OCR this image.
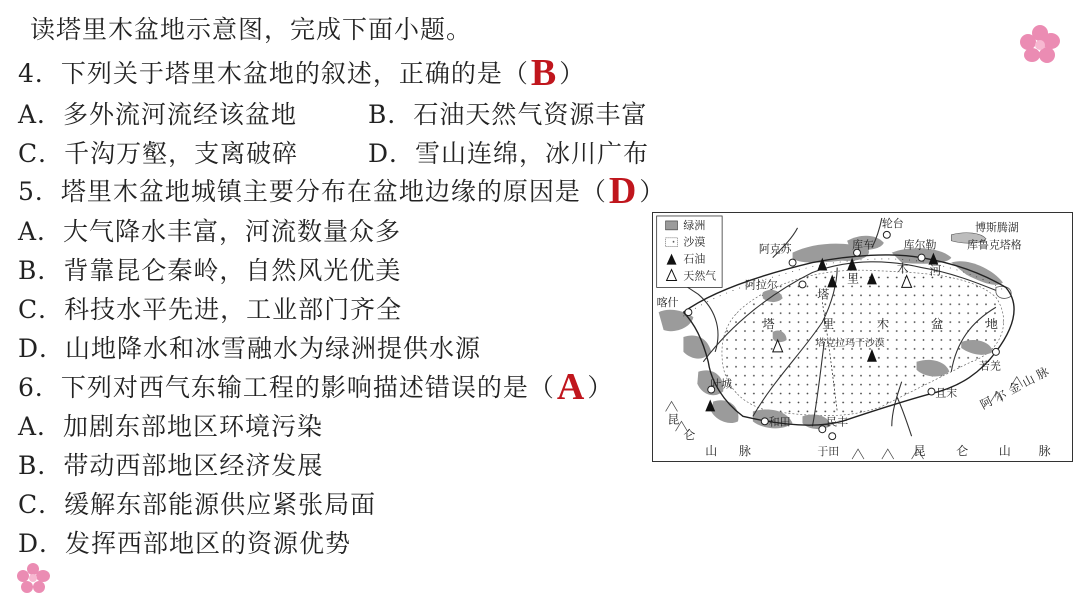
读塔里木盆地示意图，完成下面小题。
4．下列关于塔里木盆地的叙述，正确的是（B）
A．多外流河流经该盆地	B．石油天然气资源丰富
C．千沟万壑，支离破碎	D．雪山连绵，冰川广布
5．塔里木盆地城镇主要分布在盆地边缘的原因是（D）
A．大气降水丰富，河流数量众多
B．背靠昆仑秦岭，自然风光优美
C．科技水平先进，工业部门齐全
D．山地降水和冰雪融水为绿洲提供水源
6．下列对西气东输工程的影响描述错误的是（A）
A．加剧东部地区环境污染
B．带动西部地区经济发展
C．缓解东部能源供应紧张局面
D．发挥西部地区的资源优势
绿洲
沙漠
石油
天然气
轮台	博斯腾湖
阿克苏	库车	库尔勒	库鲁克塔格
阿拉尔
喀什
叶城
和田	民丰
于田
且末
若羌
塔克拉玛干沙漠
塔	里	木	盆	地
塔
里
木 河
阿
尔
金
山
脉
昆
仑
山 脉	昆	仑	山 脉
